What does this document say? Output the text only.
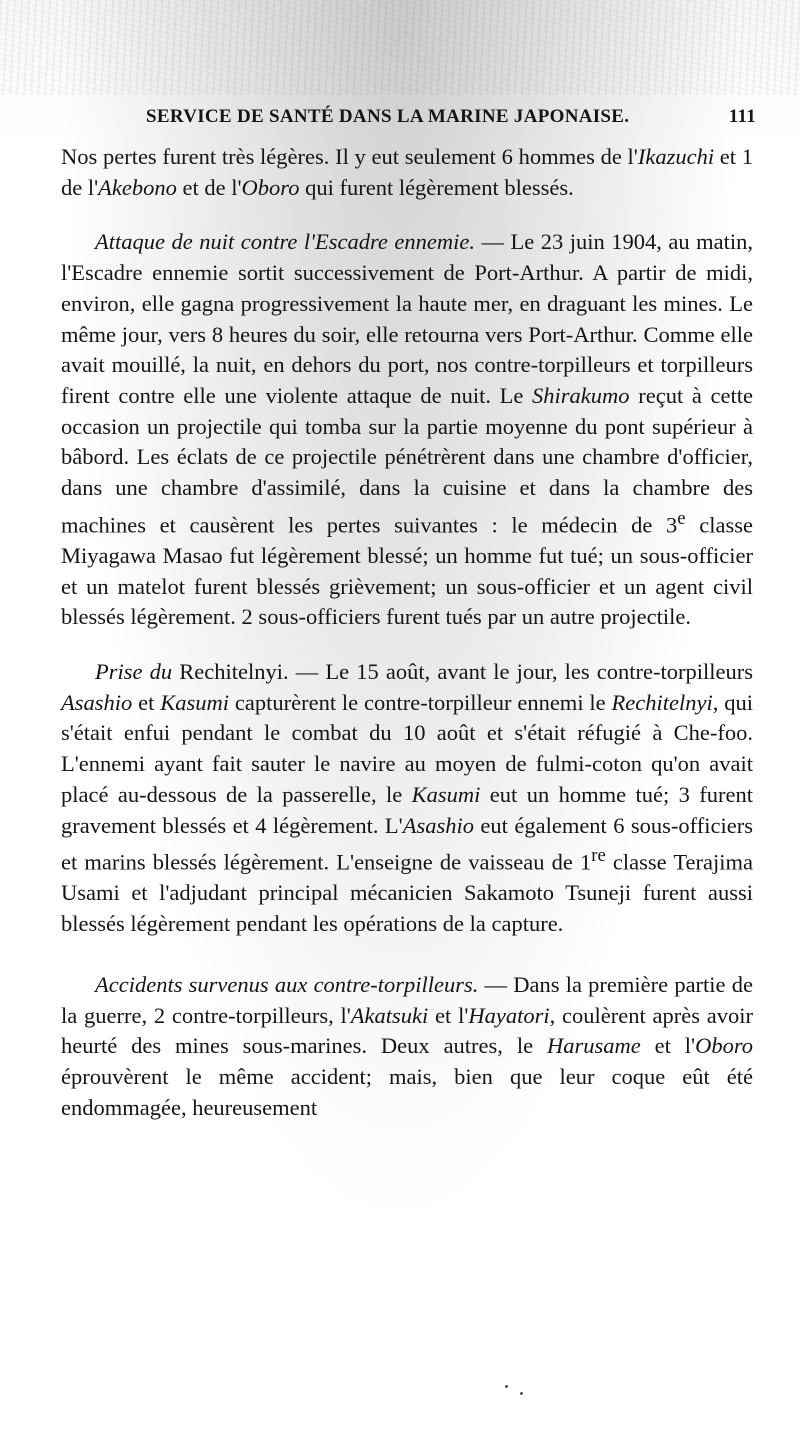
SERVICE DE SANTÉ DANS LA MARINE JAPONAISE.	111

Nos pertes furent très légères. Il y eut seulement 6 hommes de l'Ikazuchi et 1 de l'Akebono et de l'Oboro qui furent légèrement blessés.

Attaque de nuit contre l'Escadre ennemie. — Le 23 juin 1904, au matin, l'Escadre ennemie sortit successivement de Port-Arthur. A partir de midi, environ, elle gagna progressivement la haute mer, en draguant les mines. Le même jour, vers 8 heures du soir, elle retourna vers Port-Arthur. Comme elle avait mouillé, la nuit, en dehors du port, nos contre-torpilleurs et torpilleurs firent contre elle une violente attaque de nuit. Le Shirakumo reçut à cette occasion un projectile qui tomba sur la partie moyenne du pont supérieur à bâbord. Les éclats de ce projectile pénétrèrent dans une chambre d'officier, dans une chambre d'assimilé, dans la cuisine et dans la chambre des machines et causèrent les pertes suivantes : le médecin de 3e classe Miyagawa Masao fut légèrement blessé; un homme fut tué; un sous-officier et un matelot furent blessés grièvement; un sous-officier et un agent civil blessés légèrement. 2 sous-officiers furent tués par un autre projectile.

Prise du Rechitelnyi. — Le 15 août, avant le jour, les contre-torpilleurs Asashio et Kasumi capturèrent le contre-torpilleur ennemi le Rechitelnyi, qui s'était enfui pendant le combat du 10 août et s'était réfugié à Che-foo. L'ennemi ayant fait sauter le navire au moyen de fulmi-coton qu'on avait placé au-dessous de la passerelle, le Kasumi eut un homme tué; 3 furent gravement blessés et 4 légèrement. L'Asashio eut également 6 sous-officiers et marins blessés légèrement. L'enseigne de vaisseau de 1re classe Terajima Usami et l'adjudant principal mécanicien Sakamoto Tsuneji furent aussi blessés légèrement pendant les opérations de la capture.

Accidents survenus aux contre-torpilleurs. — Dans la première partie de la guerre, 2 contre-torpilleurs, l'Akatsuki et l'Hayatori, coulèrent après avoir heurté des mines sous-marines. Deux autres, le Harusame et l'Oboro éprouvèrent le même accident; mais, bien que leur coque eût été endommagée, heureusement
